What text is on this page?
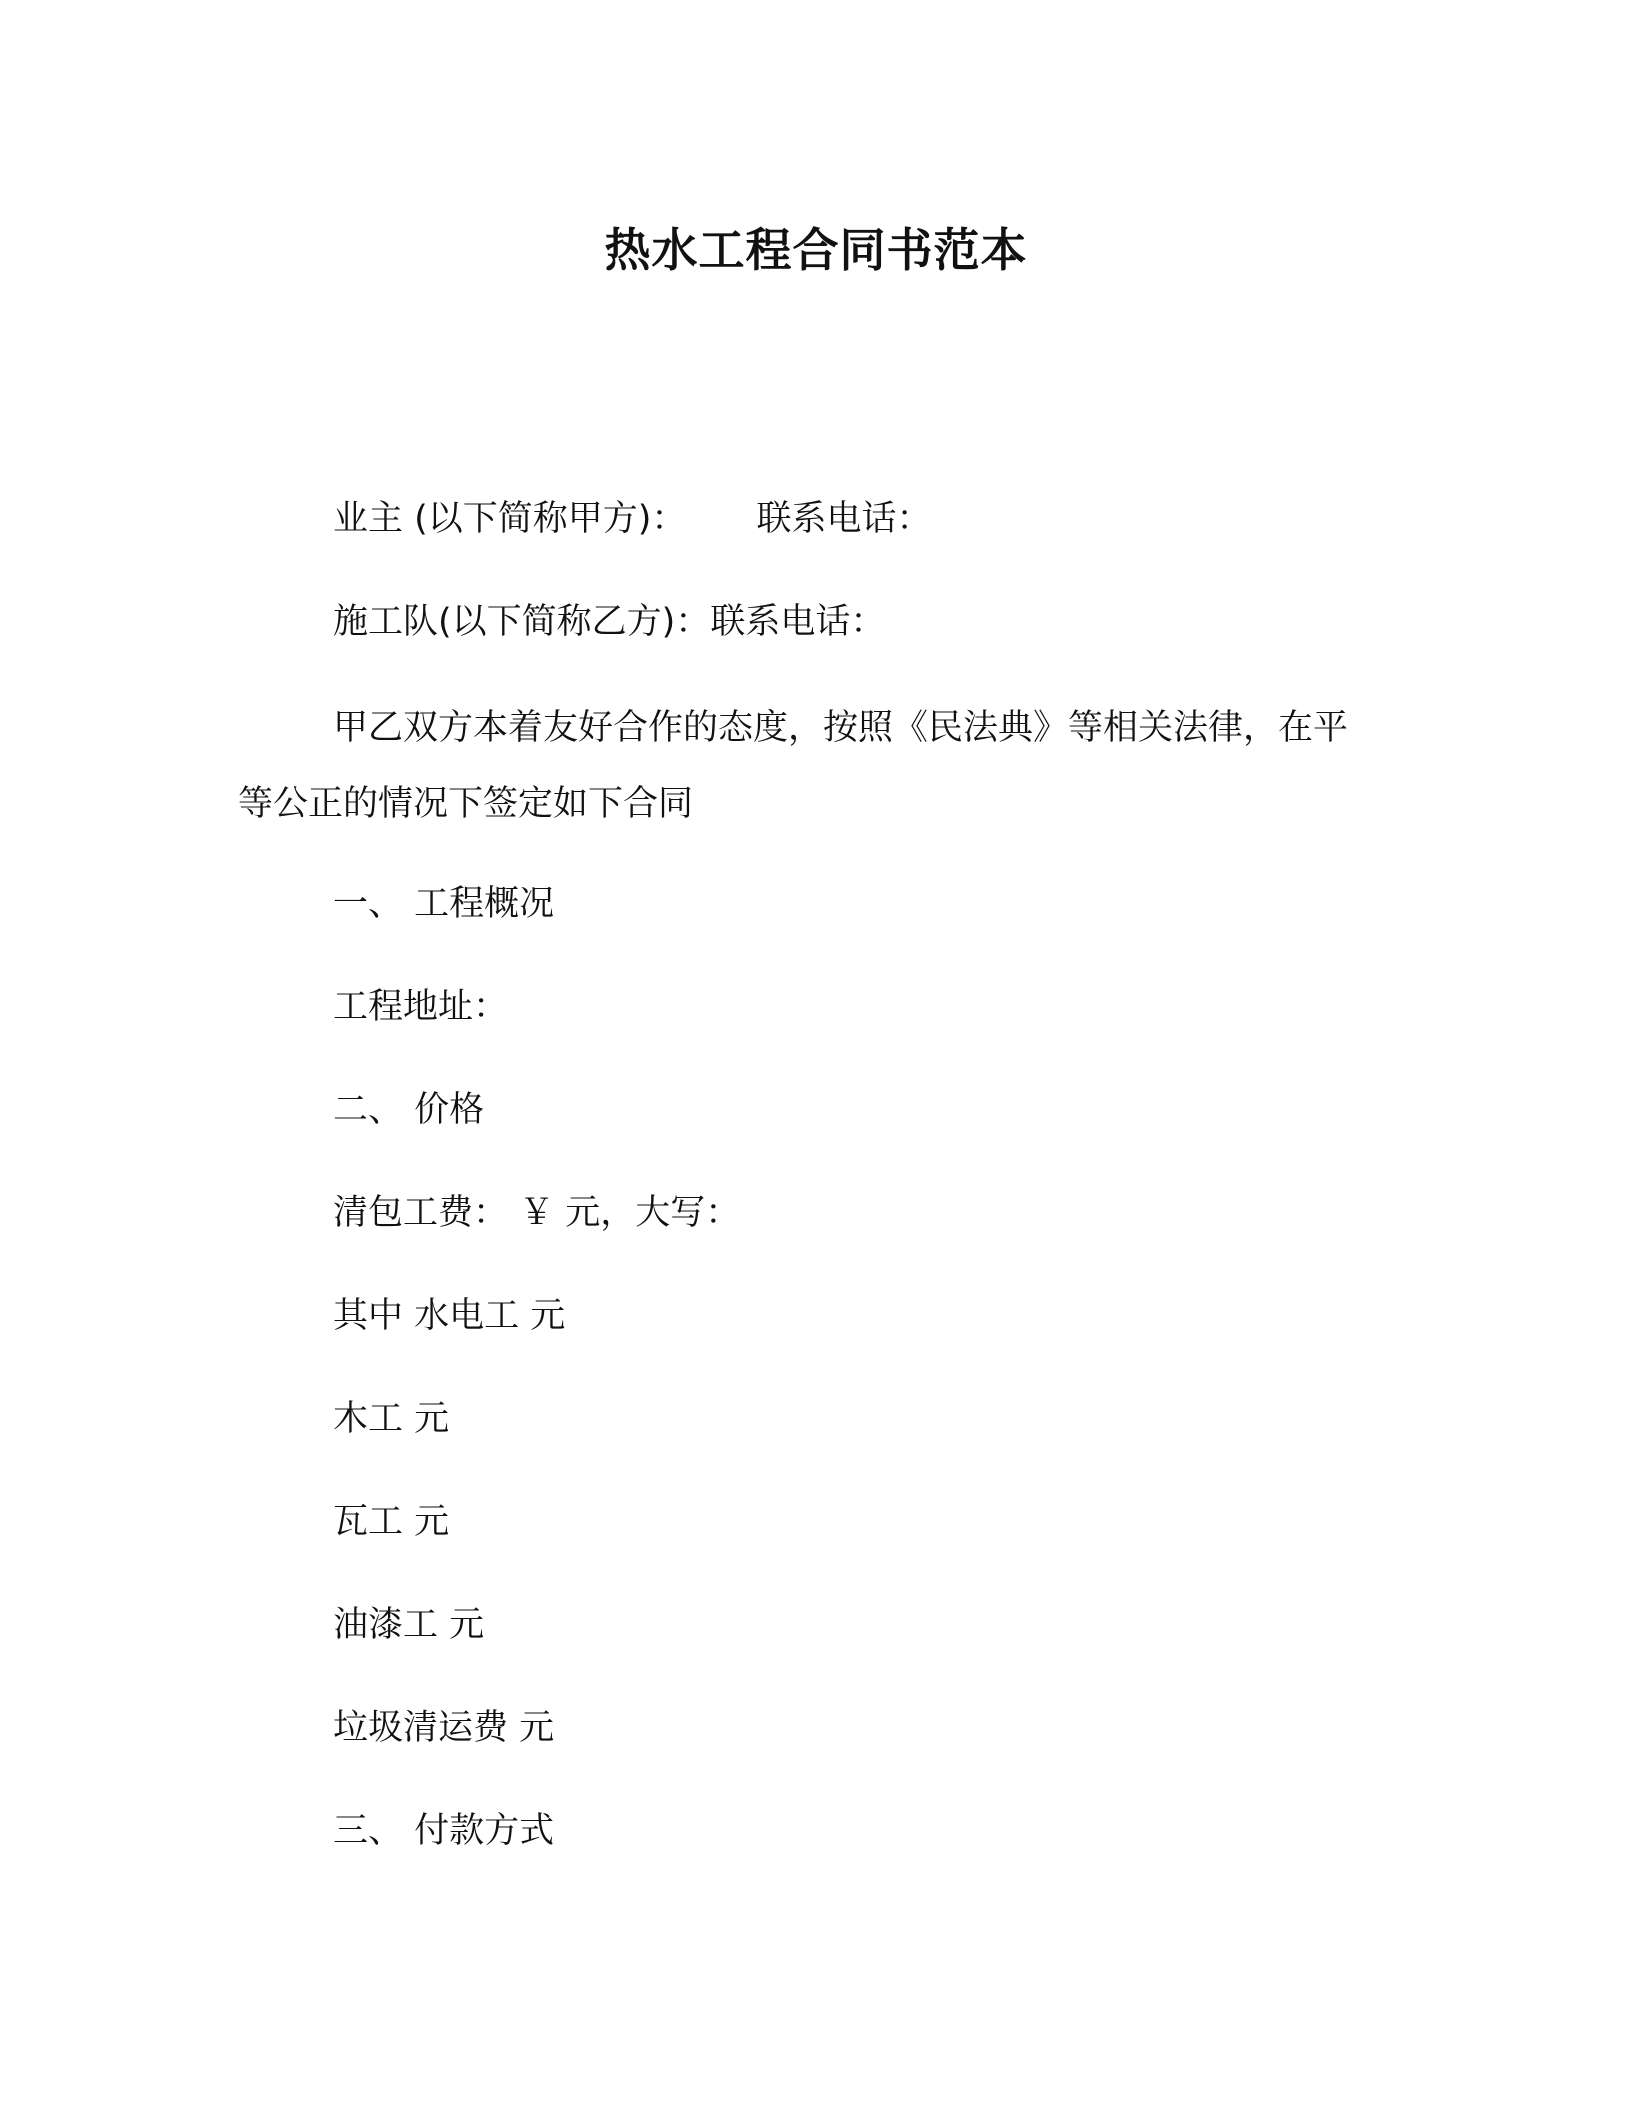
热水工程合同书范本
业主 (以下简称甲方)： 联系电话：
施工队(以下简称乙方)：联系电话：

甲乙双方本着友好合作的态度，按照《民法典》等相关法律，在平等公正的情况下签定如下合同

一、 工程概况
工程地址：
二、 价格
清包工费： ￥ 元，大写：
其中 水电工 元
木工 元
瓦工 元
油漆工 元
垃圾清运费 元
三、 付款方式
